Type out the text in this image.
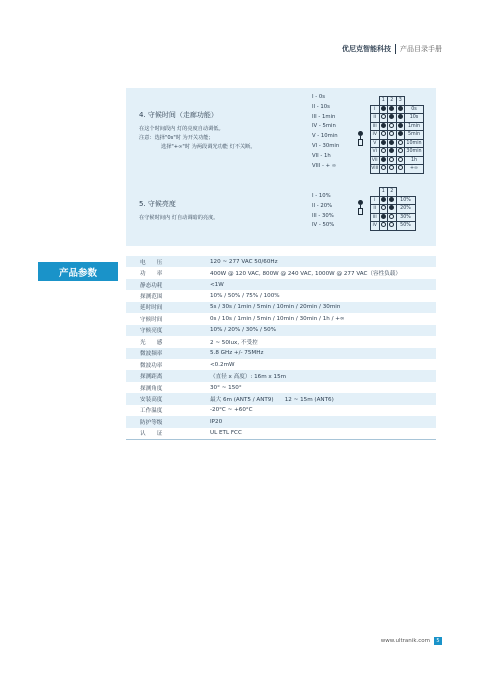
优尼克智能科技 产品目录手册
4. 守候时间（走廊功能）
在这个时间段内 灯的亮度自动调低。
注意：选择"0s"时 为开关功能；
选择"+∞"时 为两段调光功能 灯不关断。
I - 0s
II - 10s
III - 1min
IV - 5min
V - 10min
VI - 30min
VII - 1h
VIII - + ∞
	1	2	3	
I				0s
II				10s
III				1min
IV				5min
V				10min
VI				30min
VII				1h
VIII				+∞
5. 守候亮度
在守候时间内 灯自动调暗的亮度。
I - 10%
II - 20%
III - 30%
IV - 50%
	1	2	
I			10%
II			20%
III			30%
IV			50%
产品参数
电　　压	120 ~ 277 VAC 50/60Hz
功　　率	400W @ 120 VAC, 800W @ 240 VAC, 1000W @ 277 VAC（容性负载）
静态功耗	<1W
探测范围	10% / 50% / 75% / 100%
延时时间	5s / 30s / 1min / 5min / 10min / 20min / 30min
守候时间	0s / 10s / 1min / 5min / 10min / 30min / 1h / +∞
守候亮度	10% / 20% / 30% / 50%
光　　感	2 ~ 50lux, 不受控
微波频率	5.8 GHz +/- 75MHz
微波功率	<0.2mW
探测距离	（直径 x 高度）: 16m x 15m
探测角度	30° ~ 150°
安装高度	最大 6m (ANT5 / ANT9)　　12 ~ 15m (ANT6)
工作温度	-20°C ~ +60°C
防护等级	IP20
认　　证	UL ETL FCC
www.ultranik.com	5
